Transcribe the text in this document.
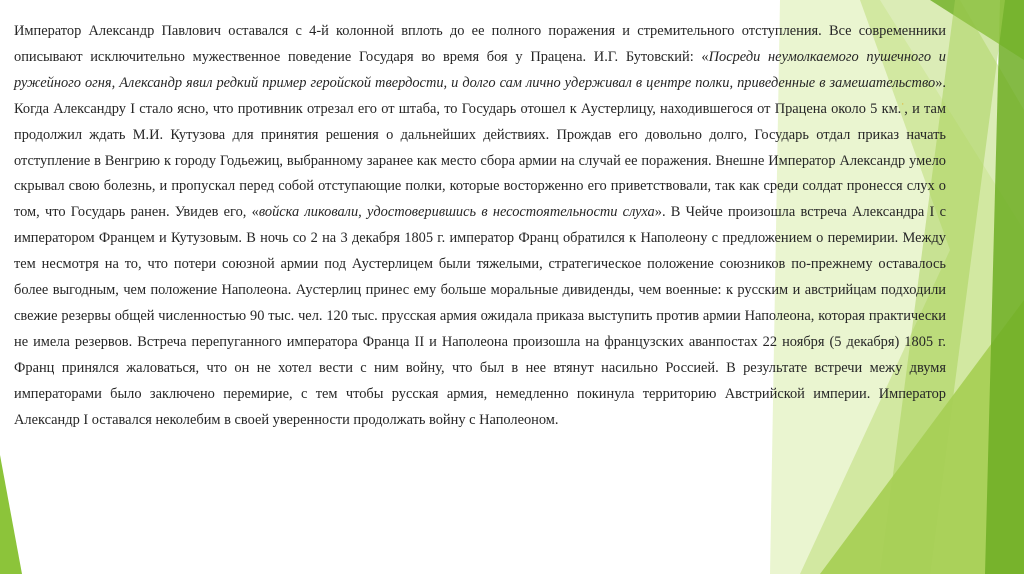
Император Александр Павлович оставался с 4-й колонной вплоть до ее полного поражения и стремительного отступления. Все современники описывают исключительно мужественное поведение Государя во время боя у Працена. И.Г. Бутовский: «Посреди неумолкаемого пушечного и ружейного огня, Александр явил редкий пример геройской твердости, и долго сам лично удерживал в центре полки, приведенные в замешательство». Когда Александру I стало ясно, что противник отрезал его от штаба, то Государь отошел к Аустерлицу, находившегося от Працена около 5 км.·, и там продолжил ждать М.И. Кутузова для принятия решения о дальнейших действиях. Прождав его довольно долго, Государь отдал приказ начать отступление в Венгрию к городу Годьежиц, выбранному заранее как место сбора армии на случай ее поражения. Внешне Император Александр умело скрывал свою болезнь, и пропускал перед собой отступающие полки, которые восторженно его приветствовали, так как среди солдат пронесся слух о том, что Государь ранен. Увидев его, «войска ликовали, удостоверившись в несостоятельности слуха». В Чейче произошла встреча Александра I с императором Францем и Кутузовым. В ночь со 2 на 3 декабря 1805 г. император Франц обратился к Наполеону с предложением о перемирии. Между тем несмотря на то, что потери союзной армии под Аустерлицем были тяжелыми, стратегическое положение союзников по-прежнему оставалось более выгодным, чем положение Наполеона. Аустерлиц принес ему больше моральные дивиденды, чем военные: к русским и австрийцам подходили свежие резервы общей численностью 90 тыс. чел. 120 тыс. прусская армия ожидала приказа выступить против армии Наполеона, которая практически не имела резервов. Встреча перепуганного императора Франца II и Наполеона произошла на французских аванпостах 22 ноября (5 декабря) 1805 г. Франц принялся жаловаться, что он не хотел вести с ним войну, что был в нее втянут насильно Россией. В результате встречи межу двумя императорами было заключено перемирие, с тем чтобы русская армия, немедленно покинула территорию Австрийской империи. Император Александр I оставался неколебим в своей уверенности продолжать войну с Наполеоном.
